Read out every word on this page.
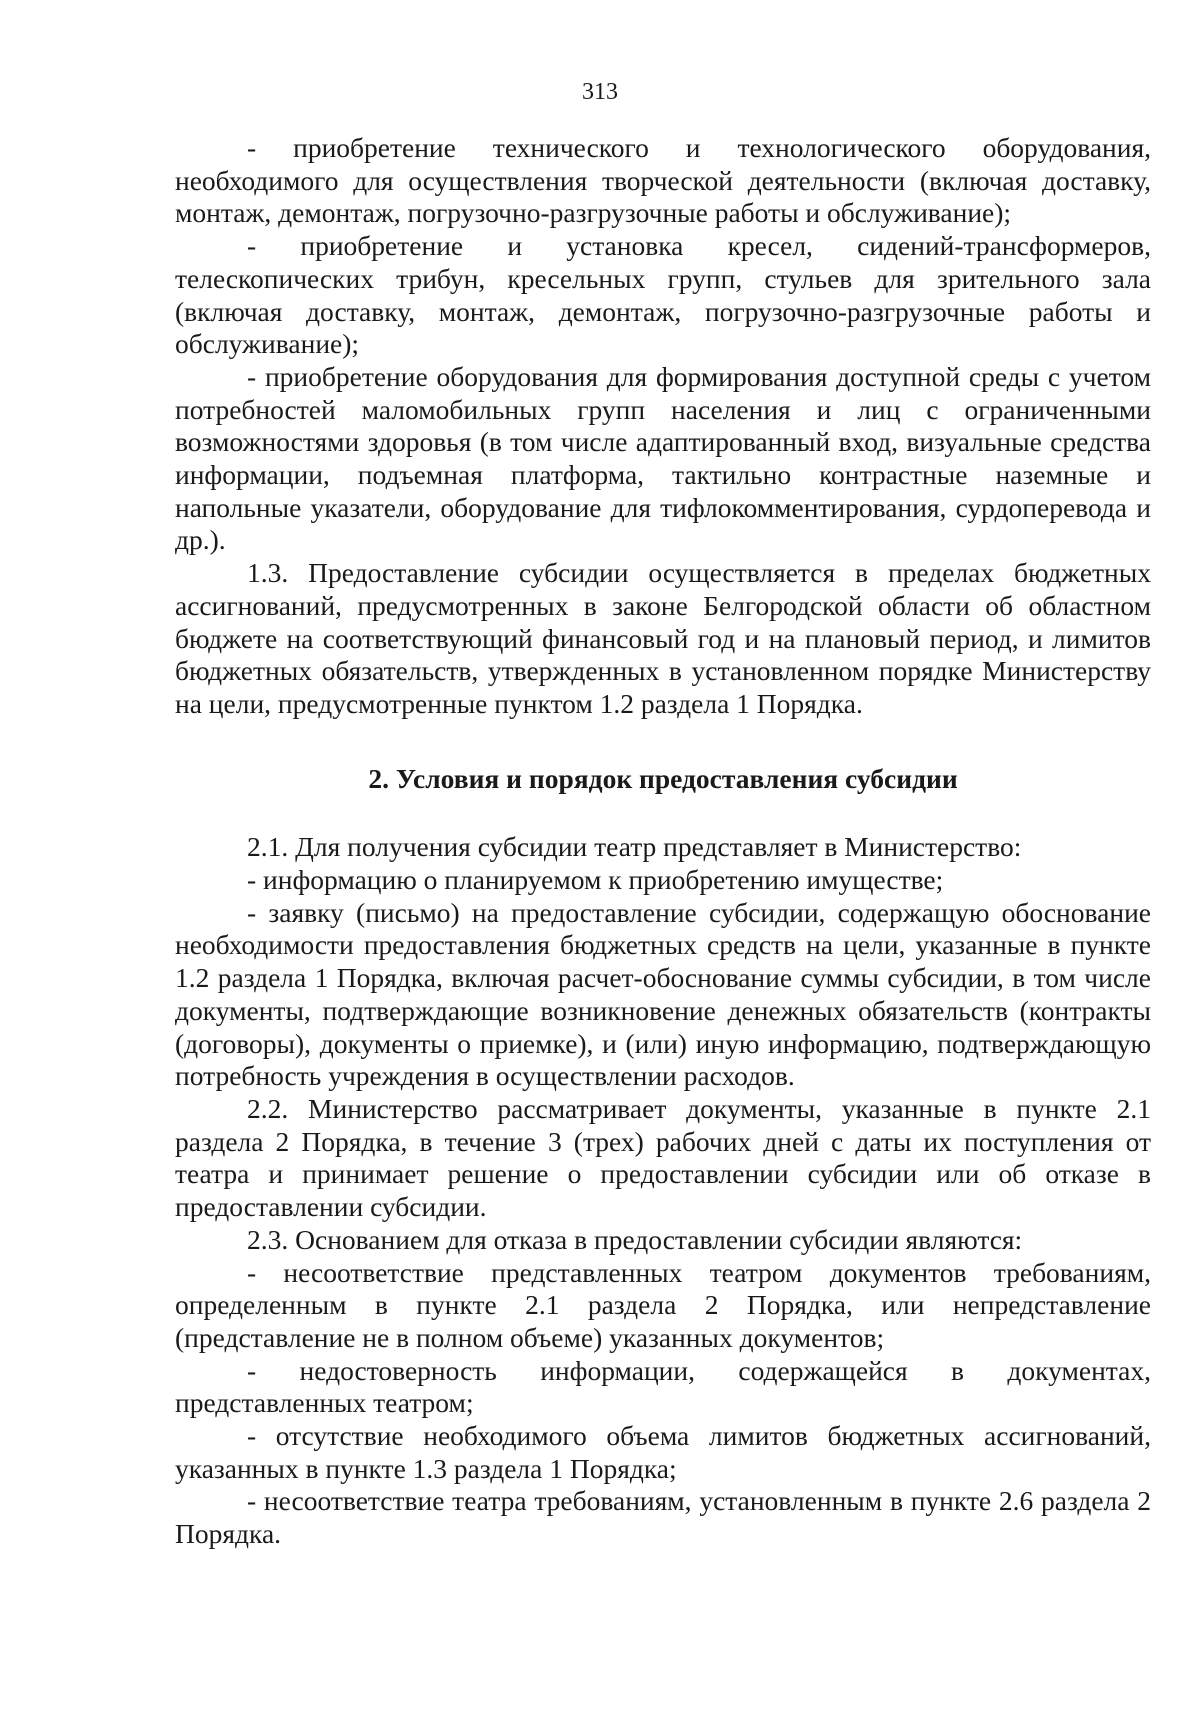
313

- приобретение технического и технологического оборудования, необходимого для осуществления творческой деятельности (включая доставку, монтаж, демонтаж, погрузочно-разгрузочные работы и обслуживание);

- приобретение и установка кресел, сидений-трансформеров, телескопических трибун, кресельных групп, стульев для зрительного зала (включая доставку, монтаж, демонтаж, погрузочно-разгрузочные работы и обслуживание);

- приобретение оборудования для формирования доступной среды с учетом потребностей маломобильных групп населения и лиц с ограниченными возможностями здоровья (в том числе адаптированный вход, визуальные средства информации, подъемная платформа, тактильно контрастные наземные и напольные указатели, оборудование для тифлокомментирования, сурдоперевода и др.).

1.3. Предоставление субсидии осуществляется в пределах бюджетных ассигнований, предусмотренных в законе Белгородской области об областном бюджете на соответствующий финансовый год и на плановый период, и лимитов бюджетных обязательств, утвержденных в установленном порядке Министерству на цели, предусмотренные пунктом 1.2 раздела 1 Порядка.

2. Условия и порядок предоставления субсидии

2.1. Для получения субсидии театр представляет в Министерство:

- информацию о планируемом к приобретению имуществе;

- заявку (письмо) на предоставление субсидии, содержащую обоснование необходимости предоставления бюджетных средств на цели, указанные в пункте 1.2 раздела 1 Порядка, включая расчет-обоснование суммы субсидии, в том числе документы, подтверждающие возникновение денежных обязательств (контракты (договоры), документы о приемке), и (или) иную информацию, подтверждающую потребность учреждения в осуществлении расходов.

2.2. Министерство рассматривает документы, указанные в пункте 2.1 раздела 2 Порядка, в течение 3 (трех) рабочих дней с даты их поступления от театра и принимает решение о предоставлении субсидии или об отказе в предоставлении субсидии.

2.3. Основанием для отказа в предоставлении субсидии являются:

- несоответствие представленных театром документов требованиям, определенным в пункте 2.1 раздела 2 Порядка, или непредставление (представление не в полном объеме) указанных документов;

- недостоверность информации, содержащейся в документах, представленных театром;

- отсутствие необходимого объема лимитов бюджетных ассигнований, указанных в пункте 1.3 раздела 1 Порядка;

- несоответствие театра требованиям, установленным в пункте 2.6 раздела 2 Порядка.
